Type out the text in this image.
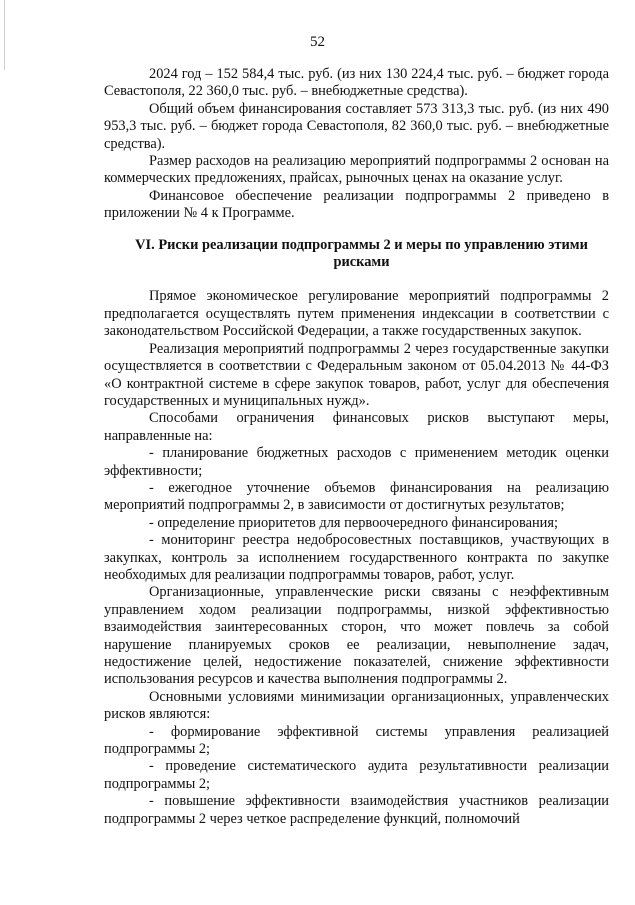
52

2024 год – 152 584,4 тыс. руб. (из них 130 224,4 тыс. руб. – бюджет города Севастополя, 22 360,0 тыс. руб. – внебюджетные средства).

Общий объем финансирования составляет 573 313,3 тыс. руб. (из них 490 953,3 тыс. руб. – бюджет города Севастополя, 82 360,0 тыс. руб. – внебюджетные средства).

Размер расходов на реализацию мероприятий подпрограммы 2 основан на коммерческих предложениях, прайсах, рыночных ценах на оказание услуг.

Финансовое обеспечение реализации подпрограммы 2 приведено в приложении № 4 к Программе.

VI. Риски реализации подпрограммы 2 и меры по управлению этими рисками

Прямое экономическое регулирование мероприятий подпрограммы 2 предполагается осуществлять путем применения индексации в соответствии с законодательством Российской Федерации, а также государственных закупок.

Реализация мероприятий подпрограммы 2 через государственные закупки осуществляется в соответствии с Федеральным законом от 05.04.2013 № 44-ФЗ «О контрактной системе в сфере закупок товаров, работ, услуг для обеспечения государственных и муниципальных нужд».

Способами ограничения финансовых рисков выступают меры, направленные на:

- планирование бюджетных расходов с применением методик оценки эффективности;

- ежегодное уточнение объемов финансирования на реализацию мероприятий подпрограммы 2, в зависимости от достигнутых результатов;

- определение приоритетов для первоочередного финансирования;

- мониторинг реестра недобросовестных поставщиков, участвующих в закупках, контроль за исполнением государственного контракта по закупке необходимых для реализации подпрограммы товаров, работ, услуг.

Организационные, управленческие риски связаны с неэффективным управлением ходом реализации подпрограммы, низкой эффективностью взаимодействия заинтересованных сторон, что может повлечь за собой нарушение планируемых сроков ее реализации, невыполнение задач, недостижение целей, недостижение показателей, снижение эффективности использования ресурсов и качества выполнения подпрограммы 2.

Основными условиями минимизации организационных, управленческих рисков являются:

- формирование эффективной системы управления реализацией подпрограммы 2;

- проведение систематического аудита результативности реализации подпрограммы 2;

- повышение эффективности взаимодействия участников реализации подпрограммы 2 через четкое распределение функций, полномочий
